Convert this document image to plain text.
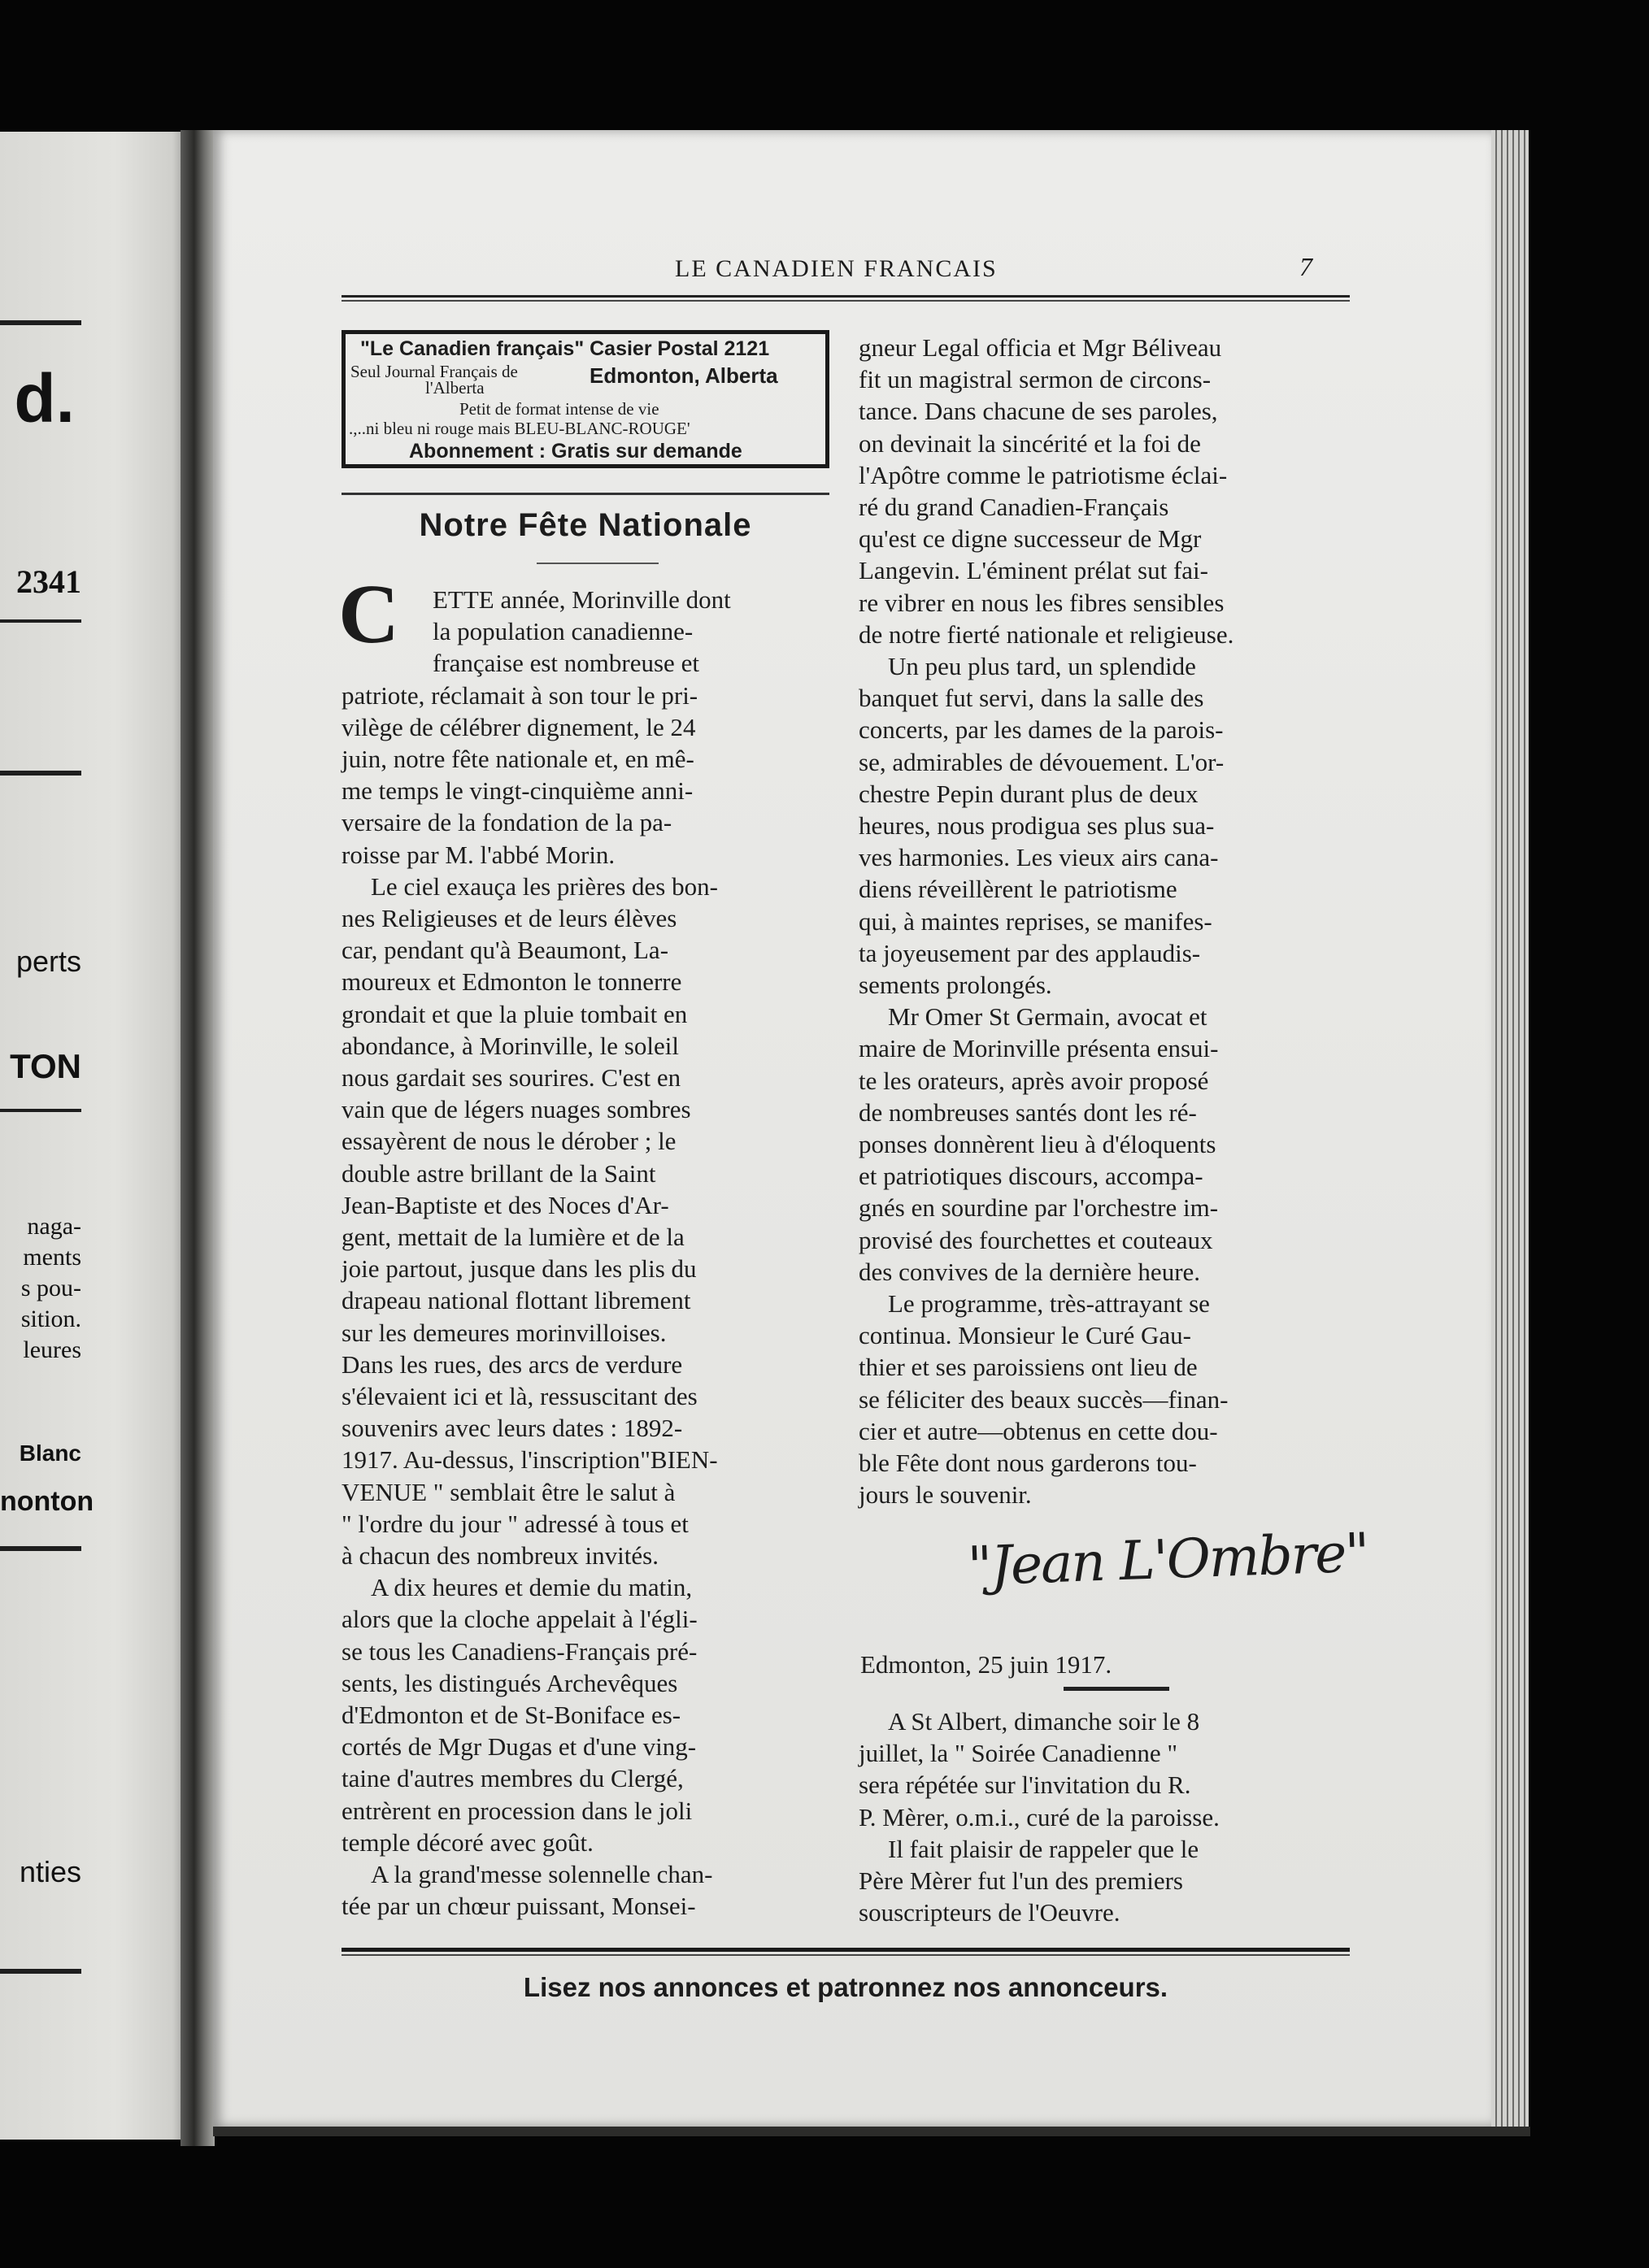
d.
2341
perts
TON
naga-
ments
s pou-
sition.
leures
Blanc
nonton
nties
LE CANADIEN FRANCAIS	7
"Le Canadien français" Casier Postal 2121
Seul Journal Français de
l'Alberta	Edmonton, Alberta
Petit de format intense de vie
.,..ni bleu ni rouge mais BLEU-BLANC-ROUGE'
Abonnement : Gratis sur demande
Notre Fête Nationale
C ETTE année, Morinville dont
la population canadienne-
française est nombreuse et
patriote, réclamait à son tour le pri-
vilège de célébrer dignement, le 24
juin, notre fête nationale et, en mê-
me temps le vingt-cinquième anni-
versaire de la fondation de la pa-
roisse par M. l'abbé Morin.
Le ciel exauça les prières des bon-
nes Religieuses et de leurs élèves
car, pendant qu'à Beaumont, La-
moureux et Edmonton le tonnerre
grondait et que la pluie tombait en
abondance, à Morinville, le soleil
nous gardait ses sourires. C'est en
vain que de légers nuages sombres
essayèrent de nous le dérober ; le
double astre brillant de la Saint
Jean-Baptiste et des Noces d'Ar-
gent, mettait de la lumière et de la
joie partout, jusque dans les plis du
drapeau national flottant librement
sur les demeures morinvilloises.
Dans les rues, des arcs de verdure
s'élevaient ici et là, ressuscitant des
souvenirs avec leurs dates : 1892-
1917. Au-dessus, l'inscription"BIEN-
VENUE " semblait être le salut à
" l'ordre du jour " adressé à tous et
à chacun des nombreux invités.
A dix heures et demie du matin,
alors que la cloche appelait à l'égli-
se tous les Canadiens-Français pré-
sents, les distingués Archevêques
d'Edmonton et de St-Boniface es-
cortés de Mgr Dugas et d'une ving-
taine d'autres membres du Clergé,
entrèrent en procession dans le joli
temple décoré avec goût.
A la grand'messe solennelle chan-
tée par un chœur puissant, Monsei-
gneur Legal officia et Mgr Béliveau
fit un magistral sermon de circons-
tance. Dans chacune de ses paroles,
on devinait la sincérité et la foi de
l'Apôtre comme le patriotisme éclai-
ré du grand Canadien-Français
qu'est ce digne successeur de Mgr
Langevin. L'éminent prélat sut fai-
re vibrer en nous les fibres sensibles
de notre fierté nationale et religieuse.
Un peu plus tard, un splendide
banquet fut servi, dans la salle des
concerts, par les dames de la parois-
se, admirables de dévouement. L'or-
chestre Pepin durant plus de deux
heures, nous prodigua ses plus sua-
ves harmonies. Les vieux airs cana-
diens réveillèrent le patriotisme
qui, à maintes reprises, se manifes-
ta joyeusement par des applaudis-
sements prolongés.
Mr Omer St Germain, avocat et
maire de Morinville présenta ensui-
te les orateurs, après avoir proposé
de nombreuses santés dont les ré-
ponses donnèrent lieu à d'éloquents
et patriotiques discours, accompa-
gnés en sourdine par l'orchestre im-
provisé des fourchettes et couteaux
des convives de la dernière heure.
Le programme, très-attrayant se
continua. Monsieur le Curé Gau-
thier et ses paroissiens ont lieu de
se féliciter des beaux succès—finan-
cier et autre—obtenus en cette dou-
ble Fête dont nous garderons tou-
jours le souvenir.
A St Albert, dimanche soir le 8
juillet, la " Soirée Canadienne "
sera répétée sur l'invitation du R.
P. Mèrer, o.m.i., curé de la paroisse.
Il fait plaisir de rappeler que le
Père Mèrer fut l'un des premiers
souscripteurs de l'Oeuvre.
"Jean L'Ombre"
Edmonton, 25 juin 1917.
Lisez nos annonces et patronnez nos annonceurs.
